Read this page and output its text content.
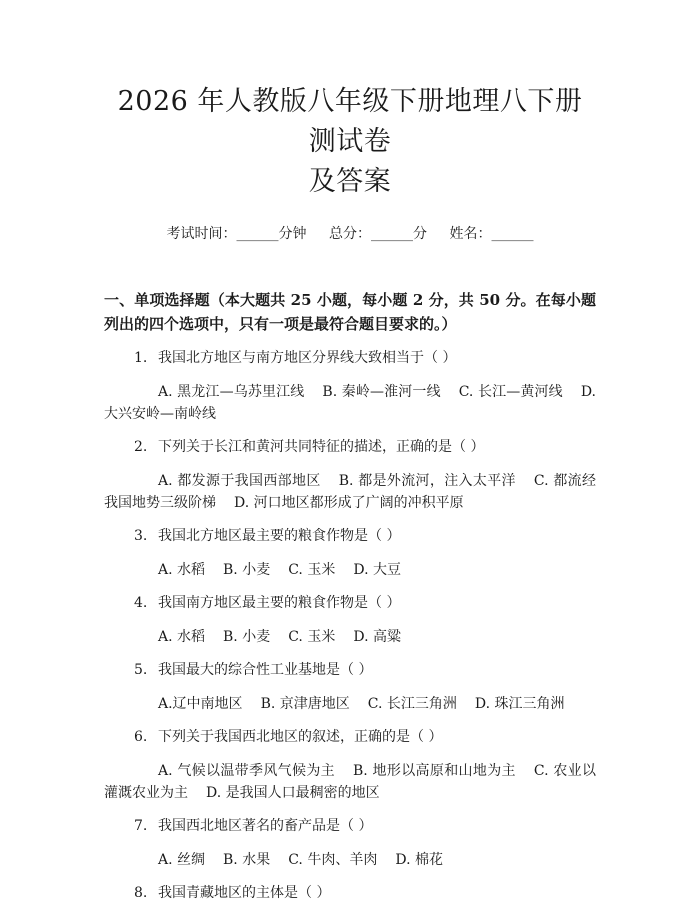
2026 年人教版八年级下册地理八下册测试卷
及答案
考试时间：______分钟 总分：______分 姓名：______
一、单项选择题（本大题共 25 小题，每小题 2 分，共 50 分。在每小题列出的四个选项中，只有一项是最符合题目要求的。）
1. 我国北方地区与南方地区分界线大致相当于（ ）
A. 黑龙江—乌苏里江线 B. 秦岭—淮河一线 C. 长江—黄河线 D. 大兴安岭—南岭线
2. 下列关于长江和黄河共同特征的描述，正确的是（ ）
A. 都发源于我国西部地区 B. 都是外流河，注入太平洋 C. 都流经我国地势三级阶梯 D. 河口地区都形成了广阔的冲积平原
3. 我国北方地区最主要的粮食作物是（ ）
A. 水稻 B. 小麦 C. 玉米 D. 大豆
4. 我国南方地区最主要的粮食作物是（ ）
A. 水稻 B. 小麦 C. 玉米 D. 高粱
5. 我国最大的综合性工业基地是（ ）
A.辽中南地区 B. 京津唐地区 C. 长江三角洲 D. 珠江三角洲
6. 下列关于我国西北地区的叙述，正确的是（ ）
A. 气候以温带季风气候为主 B. 地形以高原和山地为主 C. 农业以灌溉农业为主 D. 是我国人口最稠密的地区
7. 我国西北地区著名的畜产品是（ ）
A. 丝绸 B. 水果 C. 牛肉、羊肉 D. 棉花
8. 我国青藏地区的主体是（ ）
